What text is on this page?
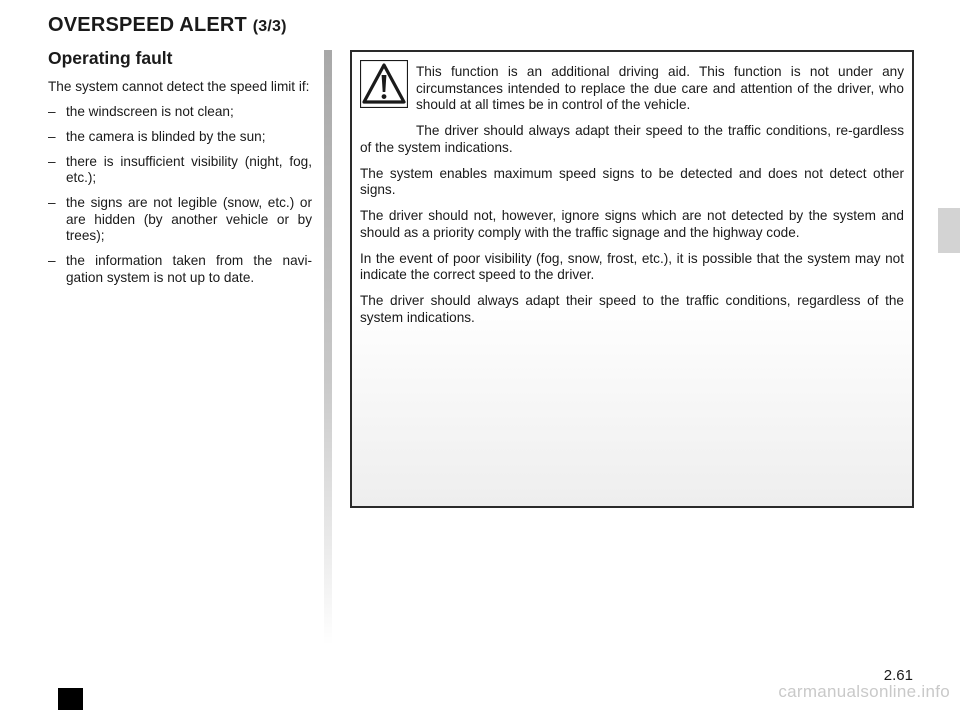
OVERSPEED ALERT (3/3)
Operating fault

The system cannot detect the speed limit if:

– the windscreen is not clean;
– the camera is blinded by the sun;
– there is insufficient visibility (night, fog, etc.);
– the signs are not legible (snow, etc.) or are hidden (by another vehicle or by trees);
– the information taken from the navi-gation system is not up to date.

This function is an additional driving aid. This function is not under any circumstances intended to replace the due care and attention of the driver, who should at all times be in control of the vehicle.

The driver should always adapt their speed to the traffic conditions, re-gardless of the system indications.

The system enables maximum speed signs to be detected and does not detect other signs.

The driver should not, however, ignore signs which are not detected by the system and should as a priority comply with the traffic signage and the highway code.

In the event of poor visibility (fog, snow, frost, etc.), it is possible that the system may not indicate the correct speed to the driver.

The driver should always adapt their speed to the traffic conditions, regardless of the system indications.

2.61
carmanualsonline.info
